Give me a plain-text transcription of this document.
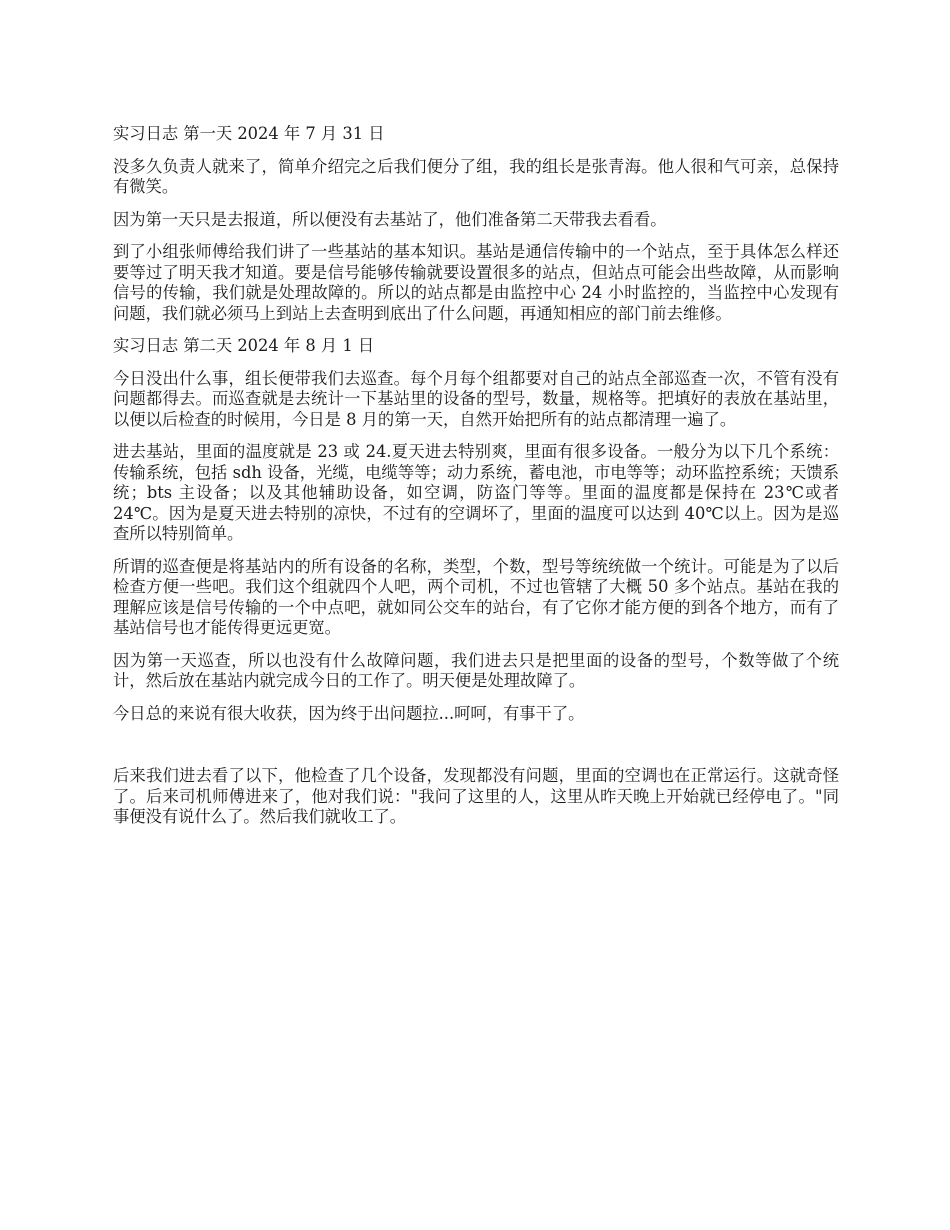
实习日志 第一天 2024 年 7 月 31 日

没多久负责人就来了，简单介绍完之后我们便分了组，我的组长是张青海。他人很和气可亲，总保持有微笑。

因为第一天只是去报道，所以便没有去基站了，他们准备第二天带我去看看。

到了小组张师傅给我们讲了一些基站的基本知识。基站是通信传输中的一个站点，至于具体怎么样还要等过了明天我才知道。要是信号能够传输就要设置很多的站点，但站点可能会出些故障，从而影响信号的传输，我们就是处理故障的。所以的站点都是由监控中心 24 小时监控的，当监控中心发现有问题，我们就必须马上到站上去查明到底出了什么问题，再通知相应的部门前去维修。

实习日志 第二天 2024 年 8 月 1 日

今日没出什么事，组长便带我们去巡查。每个月每个组都要对自己的站点全部巡查一次，不管有没有问题都得去。而巡查就是去统计一下基站里的设备的型号，数量，规格等。把填好的表放在基站里，以便以后检查的时候用，今日是 8 月的第一天，自然开始把所有的站点都清理一遍了。

进去基站，里面的温度就是 23 或 24.夏天进去特别爽，里面有很多设备。一般分为以下几个系统：传输系统，包括 sdh 设备，光缆，电缆等等；动力系统，蓄电池，市电等等；动环监控系统；天馈系统；bts 主设备；以及其他辅助设备，如空调，防盗门等等。里面的温度都是保持在 23℃或者 24℃。因为是夏天进去特别的凉快，不过有的空调坏了，里面的温度可以达到 40℃以上。因为是巡查所以特别简单。

所谓的巡查便是将基站内的所有设备的名称，类型，个数，型号等统统做一个统计。可能是为了以后检查方便一些吧。我们这个组就四个人吧，两个司机，不过也管辖了大概 50 多个站点。基站在我的理解应该是信号传输的一个中点吧，就如同公交车的站台，有了它你才能方便的到各个地方，而有了基站信号也才能传得更远更宽。

因为第一天巡查，所以也没有什么故障问题，我们进去只是把里面的设备的型号，个数等做了个统计，然后放在基站内就完成今日的工作了。明天便是处理故障了。

今日总的来说有很大收获，因为终于出问题拉...呵呵，有事干了。

后来我们进去看了以下，他检查了几个设备，发现都没有问题，里面的空调也在正常运行。这就奇怪了。后来司机师傅进来了，他对我们说："我问了这里的人，这里从昨天晚上开始就已经停电了。"同事便没有说什么了。然后我们就收工了。
